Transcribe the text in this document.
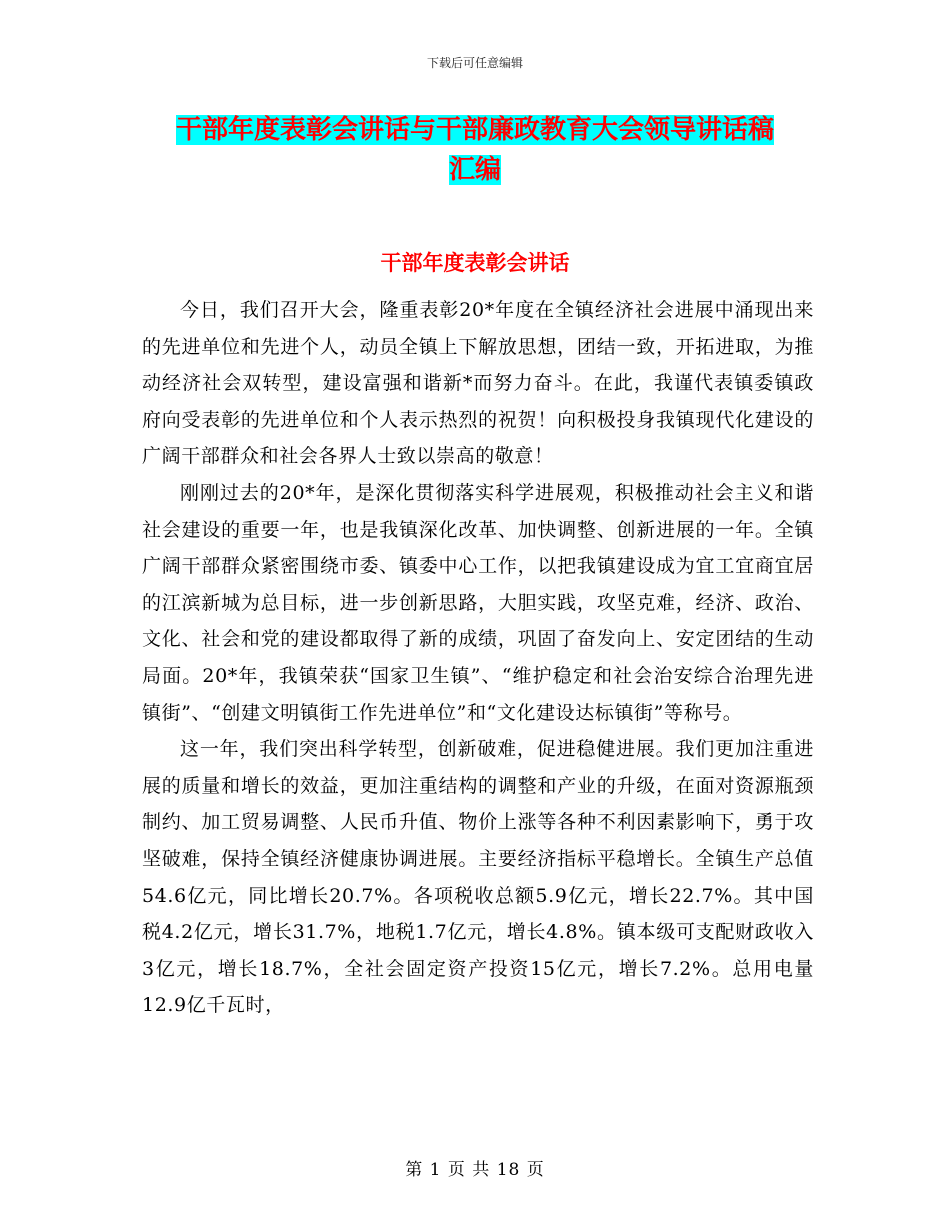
下载后可任意编辑
干部年度表彰会讲话与干部廉政教育大会领导讲话稿
汇编
干部年度表彰会讲话

今日，我们召开大会，隆重表彰20*年度在全镇经济社会进展中涌现出来的先进单位和先进个人，动员全镇上下解放思想，团结一致，开拓进取，为推动经济社会双转型，建设富强和谐新*而努力奋斗。在此，我谨代表镇委镇政府向受表彰的先进单位和个人表示热烈的祝贺！向积极投身我镇现代化建设的广阔干部群众和社会各界人士致以崇高的敬意！

刚刚过去的20*年，是深化贯彻落实科学进展观，积极推动社会主义和谐社会建设的重要一年，也是我镇深化改革、加快调整、创新进展的一年。全镇广阔干部群众紧密围绕市委、镇委中心工作，以把我镇建设成为宜工宜商宜居的江滨新城为总目标，进一步创新思路，大胆实践，攻坚克难，经济、政治、文化、社会和党的建设都取得了新的成绩，巩固了奋发向上、安定团结的生动局面。20*年，我镇荣获“国家卫生镇”、“维护稳定和社会治安综合治理先进镇街”、“创建文明镇街工作先进单位”和“文化建设达标镇街”等称号。

这一年，我们突出科学转型，创新破难，促进稳健进展。我们更加注重进展的质量和增长的效益，更加注重结构的调整和产业的升级，在面对资源瓶颈制约、加工贸易调整、人民币升值、物价上涨等各种不利因素影响下，勇于攻坚破难，保持全镇经济健康协调进展。主要经济指标平稳增长。全镇生产总值54.6亿元，同比增长20.7%。各项税收总额5.9亿元，增长22.7%。其中国税4.2亿元，增长31.7%，地税1.7亿元，增长4.8%。镇本级可支配财政收入3亿元，增长18.7%，全社会固定资产投资15亿元，增长7.2%。总用电量12.9亿千瓦时，

第 1 页 共 18 页
